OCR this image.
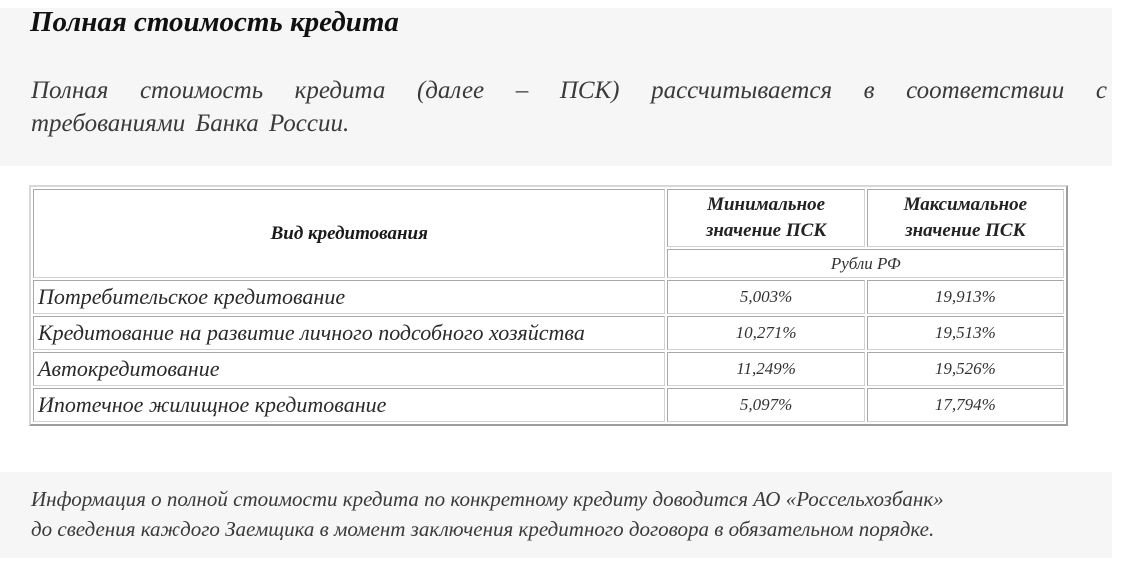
Полная стоимость кредита

Полная стоимость кредита (далее – ПСК) рассчитывается в соответствии с
требованиями Банка России.

Вид кредитования	Минимальное значение ПСК	Максимальное значение ПСК
	Рубли РФ	
Потребительское кредитование	5,003%	19,913%
Кредитование на развитие личного подсобного хозяйства	10,271%	19,513%
Автокредитование	11,249%	19,526%
Ипотечное жилищное кредитование	5,097%	17,794%

Информация о полной стоимости кредита по конкретному кредиту доводится АО «Россельхозбанк»
до сведения каждого Заемщика в момент заключения кредитного договора в обязательном порядке.
